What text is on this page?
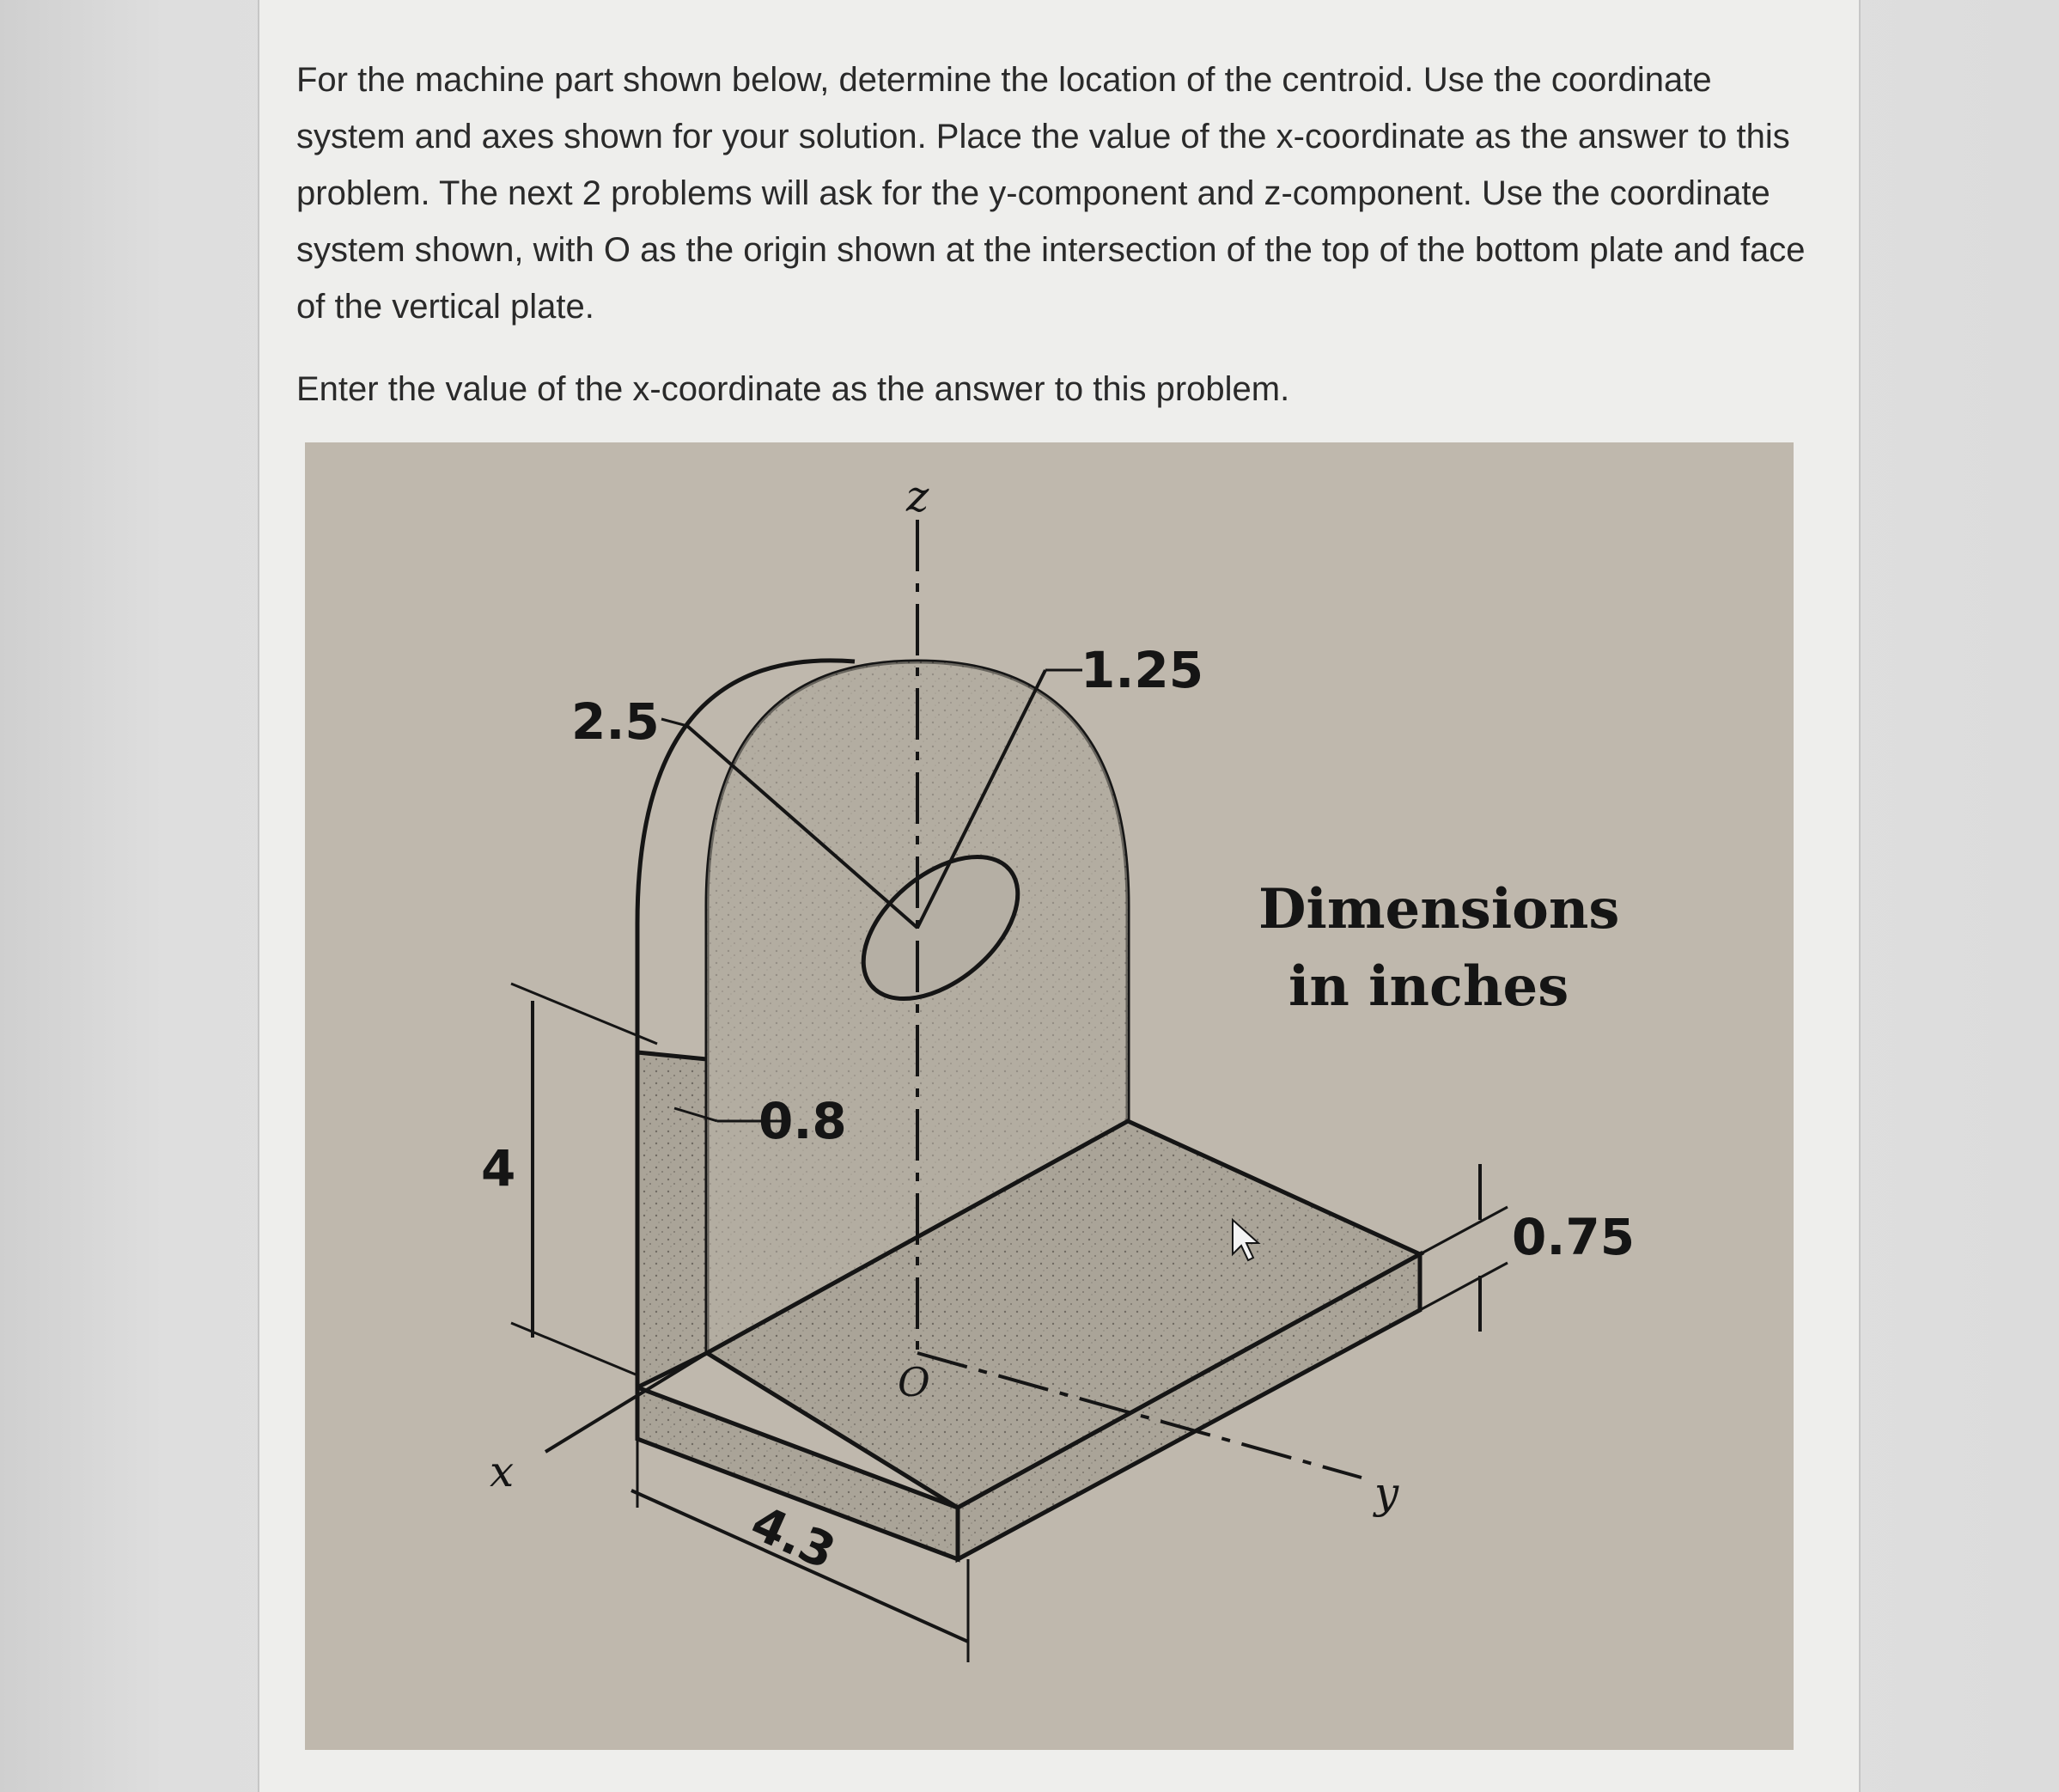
For the machine part shown below, determine the location of the centroid. Use the coordinate system and axes shown for your solution. Place the value of the x-coordinate as the answer to this problem. The next 2 problems will ask for the y-component and z-component. Use the coordinate system shown, with O as the origin shown at the intersection of the top of the bottom plate and face of the vertical plate.

Enter the value of the x-coordinate as the answer to this problem.

z
x	y
O
2.5
1.25
4
0.8
4.3
0.75
Dimensions
in inches
